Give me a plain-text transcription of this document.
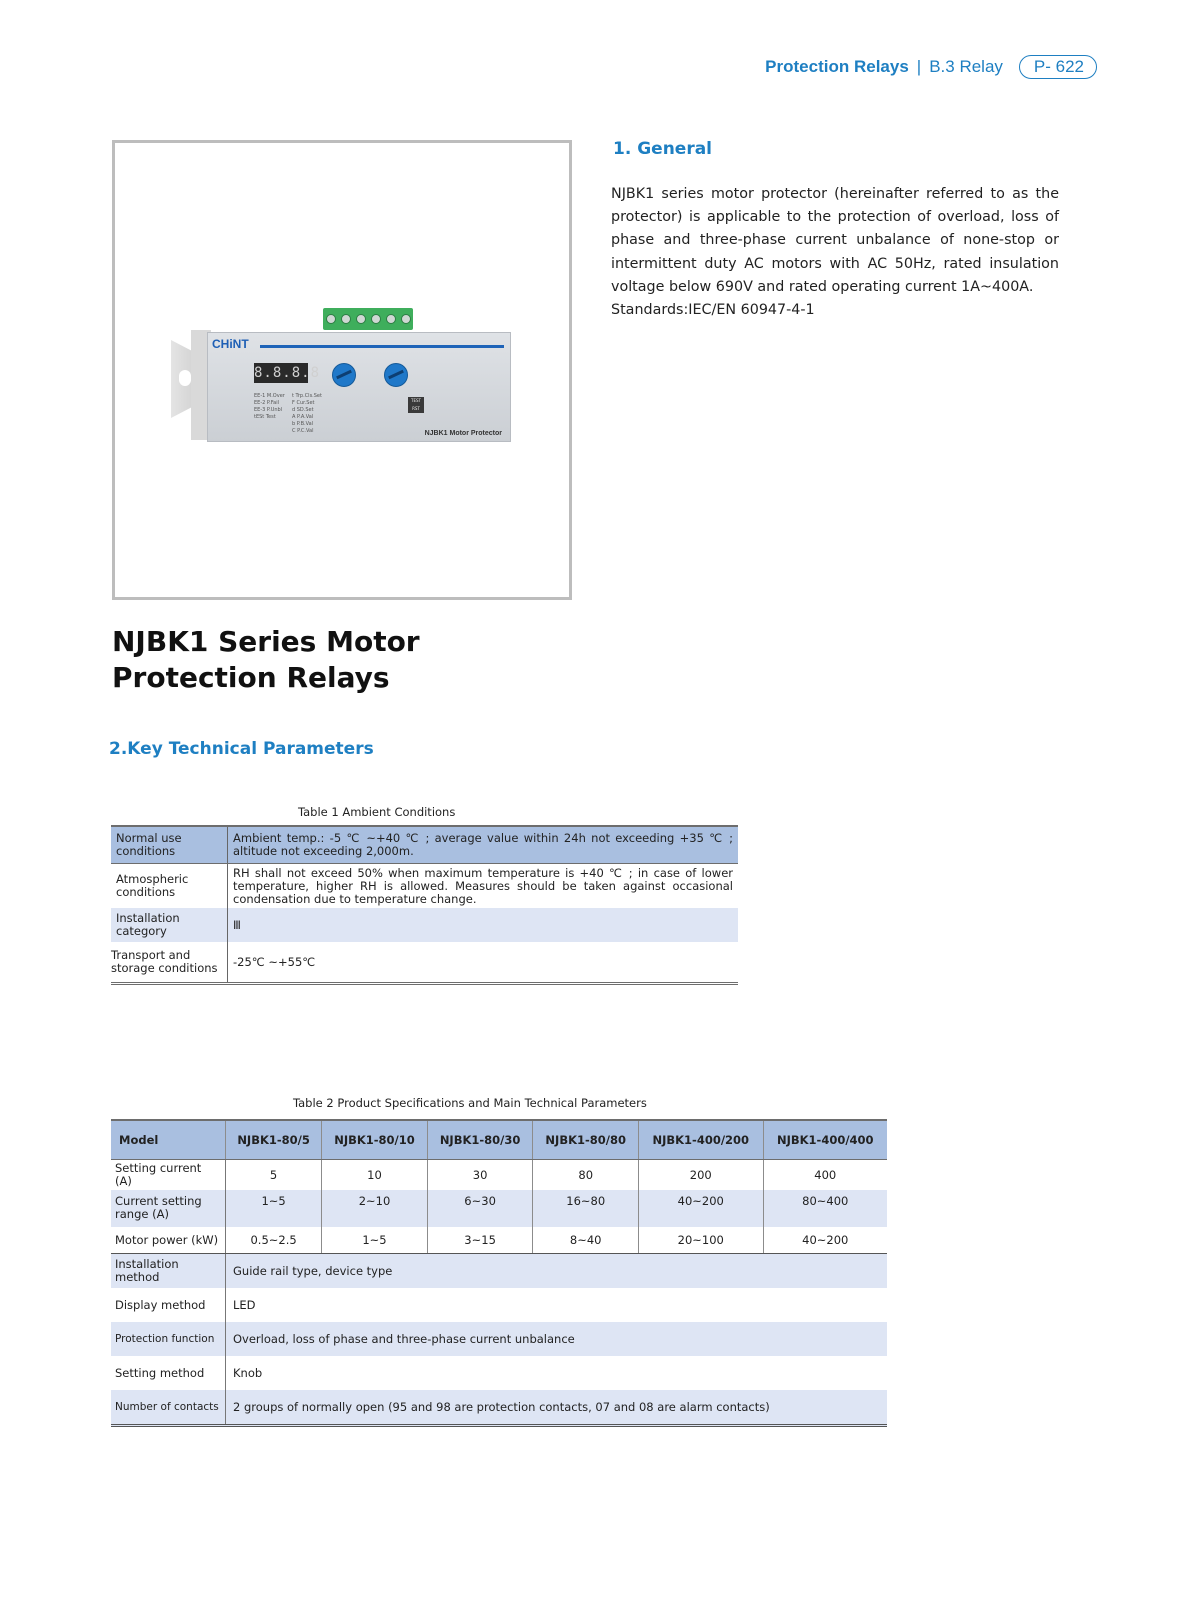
Protection Relays | B.3 Relay	P- 622
CHiNT
8.8.8.8
EE-1 M.Over
EE-2 P.Fail
EE-3 P.Unbl
tESt Test
t Trp.Cls.Set
F Cur.Set
d SD.Set
A P.A.Val
b P.B.Val
C P.C.Val
TEST RST
NJBK1 Motor Protector
1. General

NJBK1 series motor protector (hereinafter referred to as the protector) is applicable to the protection of overload, loss of phase and three-phase current unbalance of none-stop or intermittent duty AC motors with AC 50Hz, rated insulation voltage below 690V and rated operating current 1A~400A.

Standards:IEC/EN 60947-4-1

NJBK1 Series Motor Protection Relays
2.Key Technical Parameters
Table 1 Ambient Conditions
Normal use conditions	Ambient temp.: -5 ℃ ~+40 ℃ ; average value within 24h not exceeding +35 ℃ ; altitude not exceeding 2,000m.
Atmospheric conditions	RH shall not exceed 50% when maximum temperature is +40 ℃ ; in case of lower temperature, higher RH is allowed. Measures should be taken against occasional condensation due to temperature change.
Installation category	Ⅲ
Transport and storage conditions	-25℃ ~+55℃
Table 2 Product Specifications and Main Technical Parameters
Model	NJBK1-80/5	NJBK1-80/10	NJBK1-80/30	NJBK1-80/80	NJBK1-400/200	NJBK1-400/400
Setting current (A)	5	10	30	80	200	400
Current setting range (A)	1~5	2~10	6~30	16~80	40~200	80~400
Motor power (kW)	0.5~2.5	1~5	3~15	8~40	20~100	40~200
Installation method	Guide rail type, device type					
Display method	LED					
Protection function	Overload, loss of phase and three-phase current unbalance					
Setting method	Knob					
Number of contacts	2 groups of normally open (95 and 98 are protection contacts, 07 and 08 are alarm contacts)					
